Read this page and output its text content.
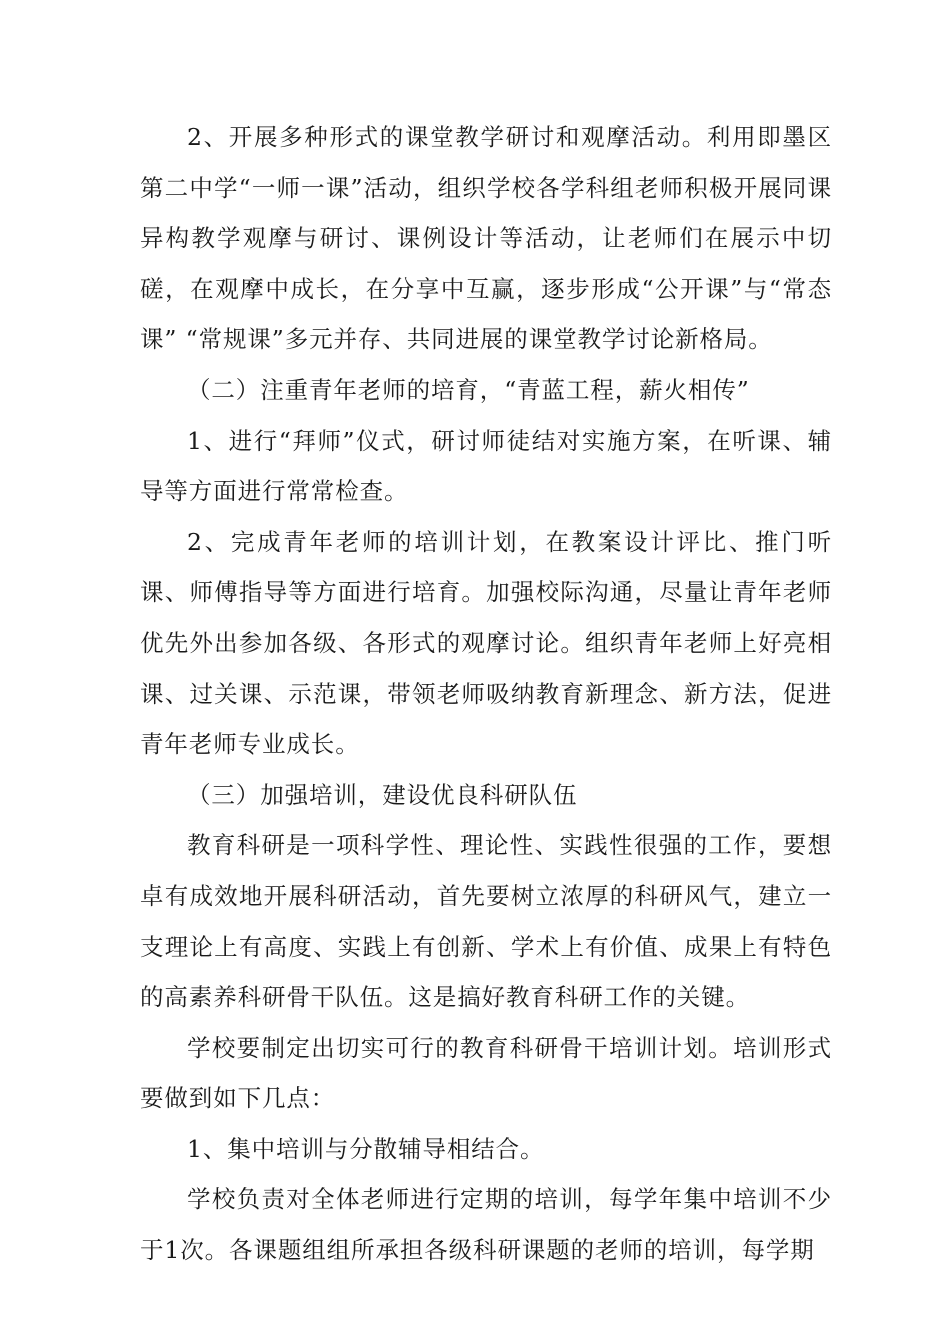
2、开展多种形式的课堂教学研讨和观摩活动。利用即墨区第二中学“一师一课”活动，组织学校各学科组老师积极开展同课异构教学观摩与研讨、课例设计等活动，让老师们在展示中切磋，在观摩中成长，在分享中互赢，逐步形成“公开课”与“常态课” “常规课”多元并存、共同进展的课堂教学讨论新格局。

（二）注重青年老师的培育，“青蓝工程，薪火相传”

1、进行“拜师”仪式，研讨师徒结对实施方案，在听课、辅导等方面进行常常检查。

2、完成青年老师的培训计划，在教案设计评比、推门听课、师傅指导等方面进行培育。加强校际沟通，尽量让青年老师优先外出参加各级、各形式的观摩讨论。组织青年老师上好亮相课、过关课、示范课，带领老师吸纳教育新理念、新方法，促进青年老师专业成长。

（三）加强培训，建设优良科研队伍

教育科研是一项科学性、理论性、实践性很强的工作，要想卓有成效地开展科研活动，首先要树立浓厚的科研风气，建立一支理论上有高度、实践上有创新、学术上有价值、成果上有特色的高素养科研骨干队伍。这是搞好教育科研工作的关键。

学校要制定出切实可行的教育科研骨干培训计划。培训形式要做到如下几点：

1、集中培训与分散辅导相结合。

学校负责对全体老师进行定期的培训，每学年集中培训不少于1次。各课题组组所承担各级科研课题的老师的培训，每学期
